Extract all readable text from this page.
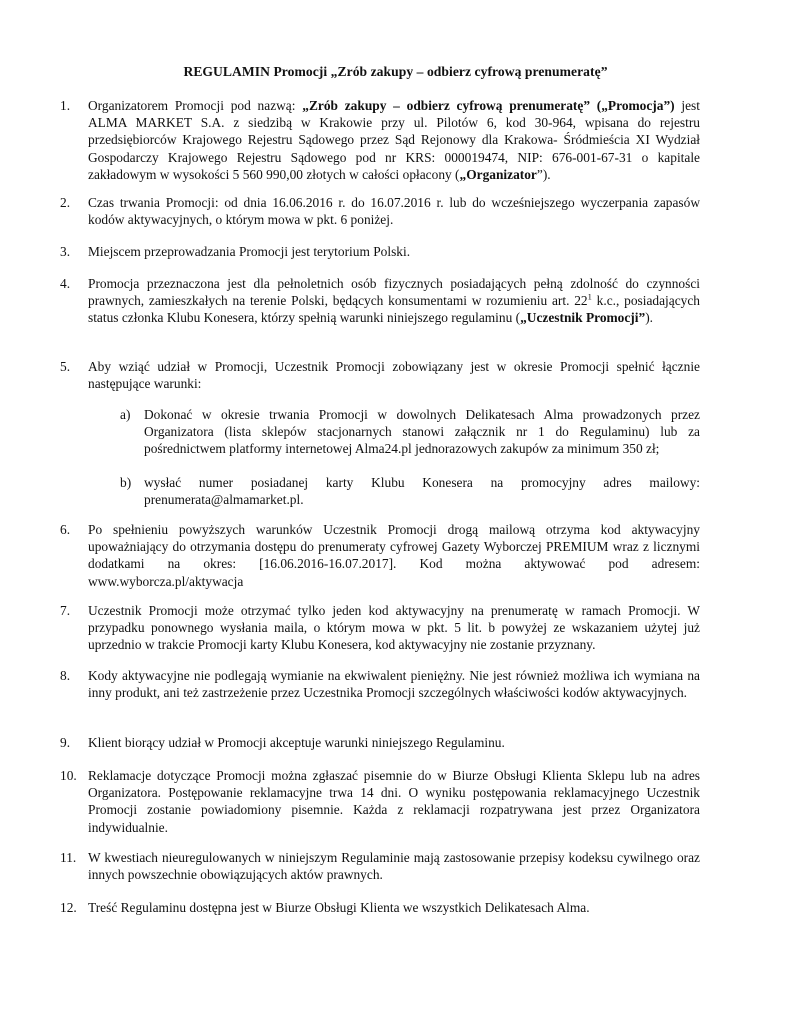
REGULAMIN Promocji „Zrób zakupy – odbierz cyfrową prenumeratę”
1.	Organizatorem Promocji pod nazwą: „Zrób zakupy – odbierz cyfrową prenumeratę” („Promocja”) jest ALMA MARKET S.A. z siedzibą w Krakowie przy ul. Pilotów 6, kod 30-964, wpisana do rejestru przedsiębiorców Krajowego Rejestru Sądowego przez Sąd Rejonowy dla Krakowa- Śródmieścia XI Wydział Gospodarczy Krajowego Rejestru Sądowego pod nr KRS: 000019474, NIP: 676-001-67-31 o kapitale zakładowym w wysokości 5 560 990,00 złotych w całości opłacony („Organizator”).
2.	Czas trwania Promocji: od dnia 16.06.2016 r. do 16.07.2016 r. lub do wcześniejszego wyczerpania zapasów kodów aktywacyjnych, o którym mowa w pkt. 6 poniżej.
3.	Miejscem przeprowadzania Promocji jest terytorium Polski.
4.	Promocja przeznaczona jest dla pełnoletnich osób fizycznych posiadających pełną zdolność do czynności prawnych, zamieszkałych na terenie Polski, będących konsumentami w rozumieniu art. $22^1$ k.c., posiadających status członka Klubu Konesera, którzy spełnią warunki niniejszego regulaminu („Uczestnik Promocji”).
5.	Aby wziąć udział w Promocji, Uczestnik Promocji zobowiązany jest w okresie Promocji spełnić łącznie następujące warunki:
a)	Dokonać w okresie trwania Promocji w dowolnych Delikatesach Alma prowadzonych przez Organizatora (lista sklepów stacjonarnych stanowi załącznik nr 1 do Regulaminu) lub za pośrednictwem platformy internetowej Alma24.pl jednorazowych zakupów za minimum 350 zł;
b) wysłać numer posiadanej karty Klubu Konesera na promocyjny adres mailowy: prenumerata@almamarket.pl.
6.	Po spełnieniu powyższych warunków Uczestnik Promocji drogą mailową otrzyma kod aktywacyjny upoważniający do otrzymania dostępu do prenumeraty cyfrowej Gazety Wyborczej PREMIUM wraz z licznymi dodatkami na okres: [16.06.2016-16.07.2017]. Kod można aktywować pod adresem: www.wyborcza.pl/aktywacja
7.	Uczestnik Promocji może otrzymać tylko jeden kod aktywacyjny na prenumeratę w ramach Promocji. W przypadku ponownego wysłania maila, o którym mowa w pkt. 5 lit. b powyżej ze wskazaniem użytej już uprzednio w trakcie Promocji karty Klubu Konesera, kod aktywacyjny nie zostanie przyznany.
8.	Kody aktywacyjne nie podlegają wymianie na ekwiwalent pieniężny. Nie jest również możliwa ich wymiana na inny produkt, ani też zastrzeżenie przez Uczestnika Promocji szczególnych właściwości kodów aktywacyjnych.
9.	Klient biorący udział w Promocji akceptuje warunki niniejszego Regulaminu.
10. Reklamacje dotyczące Promocji można zgłaszać pisemnie do w Biurze Obsługi Klienta Sklepu lub na adres Organizatora. Postępowanie reklamacyjne trwa 14 dni. O wyniku postępowania reklamacyjnego Uczestnik Promocji zostanie powiadomiony pisemnie. Każda z reklamacji rozpatrywana jest przez Organizatora indywidualnie.
11. W kwestiach nieuregulowanych w niniejszym Regulaminie mają zastosowanie przepisy kodeksu cywilnego oraz innych powszechnie obowiązujących aktów prawnych.
12. Treść Regulaminu dostępna jest w Biurze Obsługi Klienta we wszystkich Delikatesach Alma.
